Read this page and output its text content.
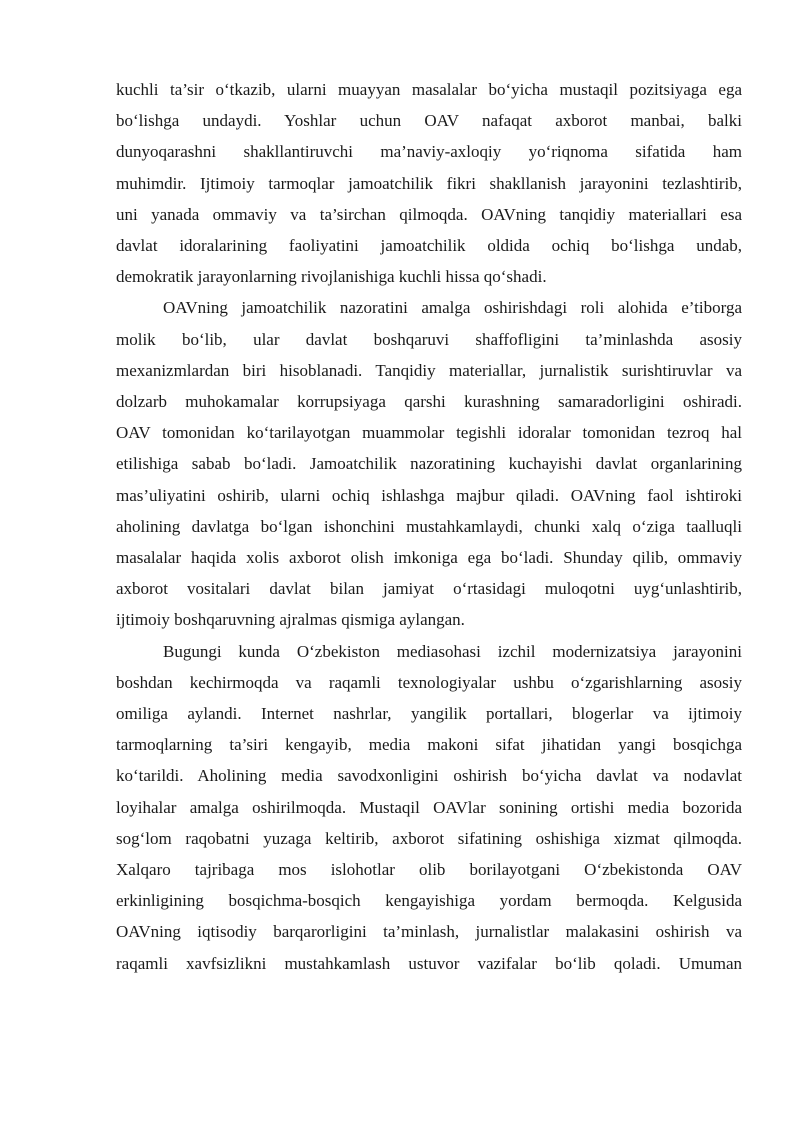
kuchli ta’sir o‘tkazib, ularni muayyan masalalar bo‘yicha mustaqil pozitsiyaga ega
bo‘lishga undaydi. Yoshlar uchun OAV nafaqat axborot manbai, balki
dunyoqarashni shakllantiruvchi ma’naviy-axloqiy yo‘riqnoma sifatida ham
muhimdir. Ijtimoiy tarmoqlar jamoatchilik fikri shakllanish jarayonini tezlashtirib,
uni yanada ommaviy va ta’sirchan qilmoqda. OAVning tanqidiy materiallari esa
davlat idoralarining faoliyatini jamoatchilik oldida ochiq bo‘lishga undab,
demokratik jarayonlarning rivojlanishiga kuchli hissa qo‘shadi.

OAVning jamoatchilik nazoratini amalga oshirishdagi roli alohida e’tiborga
molik bo‘lib, ular davlat boshqaruvi shaffofligini ta’minlashda asosiy
mexanizmlardan biri hisoblanadi. Tanqidiy materiallar, jurnalistik surishtiruvlar va
dolzarb muhokamalar korrupsiyaga qarshi kurashning samaradorligini oshiradi.
OAV tomonidan ko‘tarilayotgan muammolar tegishli idoralar tomonidan tezroq hal
etilishiga sabab bo‘ladi. Jamoatchilik nazoratining kuchayishi davlat organlarining
mas’uliyatini oshirib, ularni ochiq ishlashga majbur qiladi. OAVning faol ishtiroki
aholining davlatga bo‘lgan ishonchini mustahkamlaydi, chunki xalq o‘ziga taalluqli
masalalar haqida xolis axborot olish imkoniga ega bo‘ladi. Shunday qilib, ommaviy
axborot vositalari davlat bilan jamiyat o‘rtasidagi muloqotni uyg‘unlashtirib,
ijtimoiy boshqaruvning ajralmas qismiga aylangan.

Bugungi kunda O‘zbekiston mediasohasi izchil modernizatsiya jarayonini
boshdan kechirmoqda va raqamli texnologiyalar ushbu o‘zgarishlarning asosiy
omiliga aylandi. Internet nashrlar, yangilik portallari, blogerlar va ijtimoiy
tarmoqlarning ta’siri kengayib, media makoni sifat jihatidan yangi bosqichga
ko‘tarildi. Aholining media savodxonligini oshirish bo‘yicha davlat va nodavlat
loyihalar amalga oshirilmoqda. Mustaqil OAVlar sonining ortishi media bozorida
sog‘lom raqobatni yuzaga keltirib, axborot sifatining oshishiga xizmat qilmoqda.
Xalqaro tajribaga mos islohotlar olib borilayotgani O‘zbekistonda OAV
erkinligining bosqichma-bosqich kengayishiga yordam bermoqda. Kelgusida
OAVning iqtisodiy barqarorligini ta’minlash, jurnalistlar malakasini oshirish va
raqamli xavfsizlikni mustahkamlash ustuvor vazifalar bo‘lib qoladi. Umuman
